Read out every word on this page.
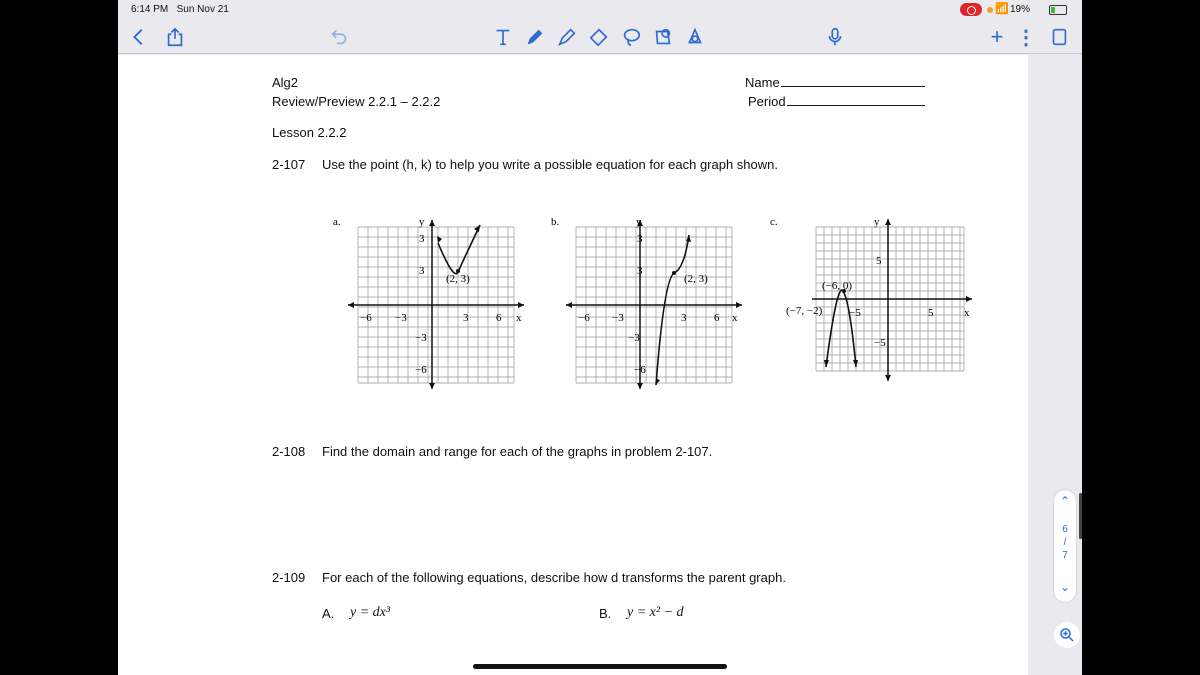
6:14 PM Sun Nov 21	📶 19%
+ ⋮
Alg2
Review/Preview 2.2.1 – 2.2.2
Name
Period
Lesson 2.2.2
2-107 Use the point (h, k) to help you write a possible equation for each graph shown.
a.	y
3
3
(2, 3)
−6 −3	3	6 x
−3
−6
b.	y
3
3
(2, 3)
−6 −3	3	6 x
−3
−6
c.	y
5
(−6, 0)
(−7, −2) −5	5	x
−5
2-108 Find the domain and range for each of the graphs in problem 2-107.
2-109 For each of the following equations, describe how d transforms the parent graph.
A. y = dx³	B. y = x² − d
⌃
6
/
7
⌄
